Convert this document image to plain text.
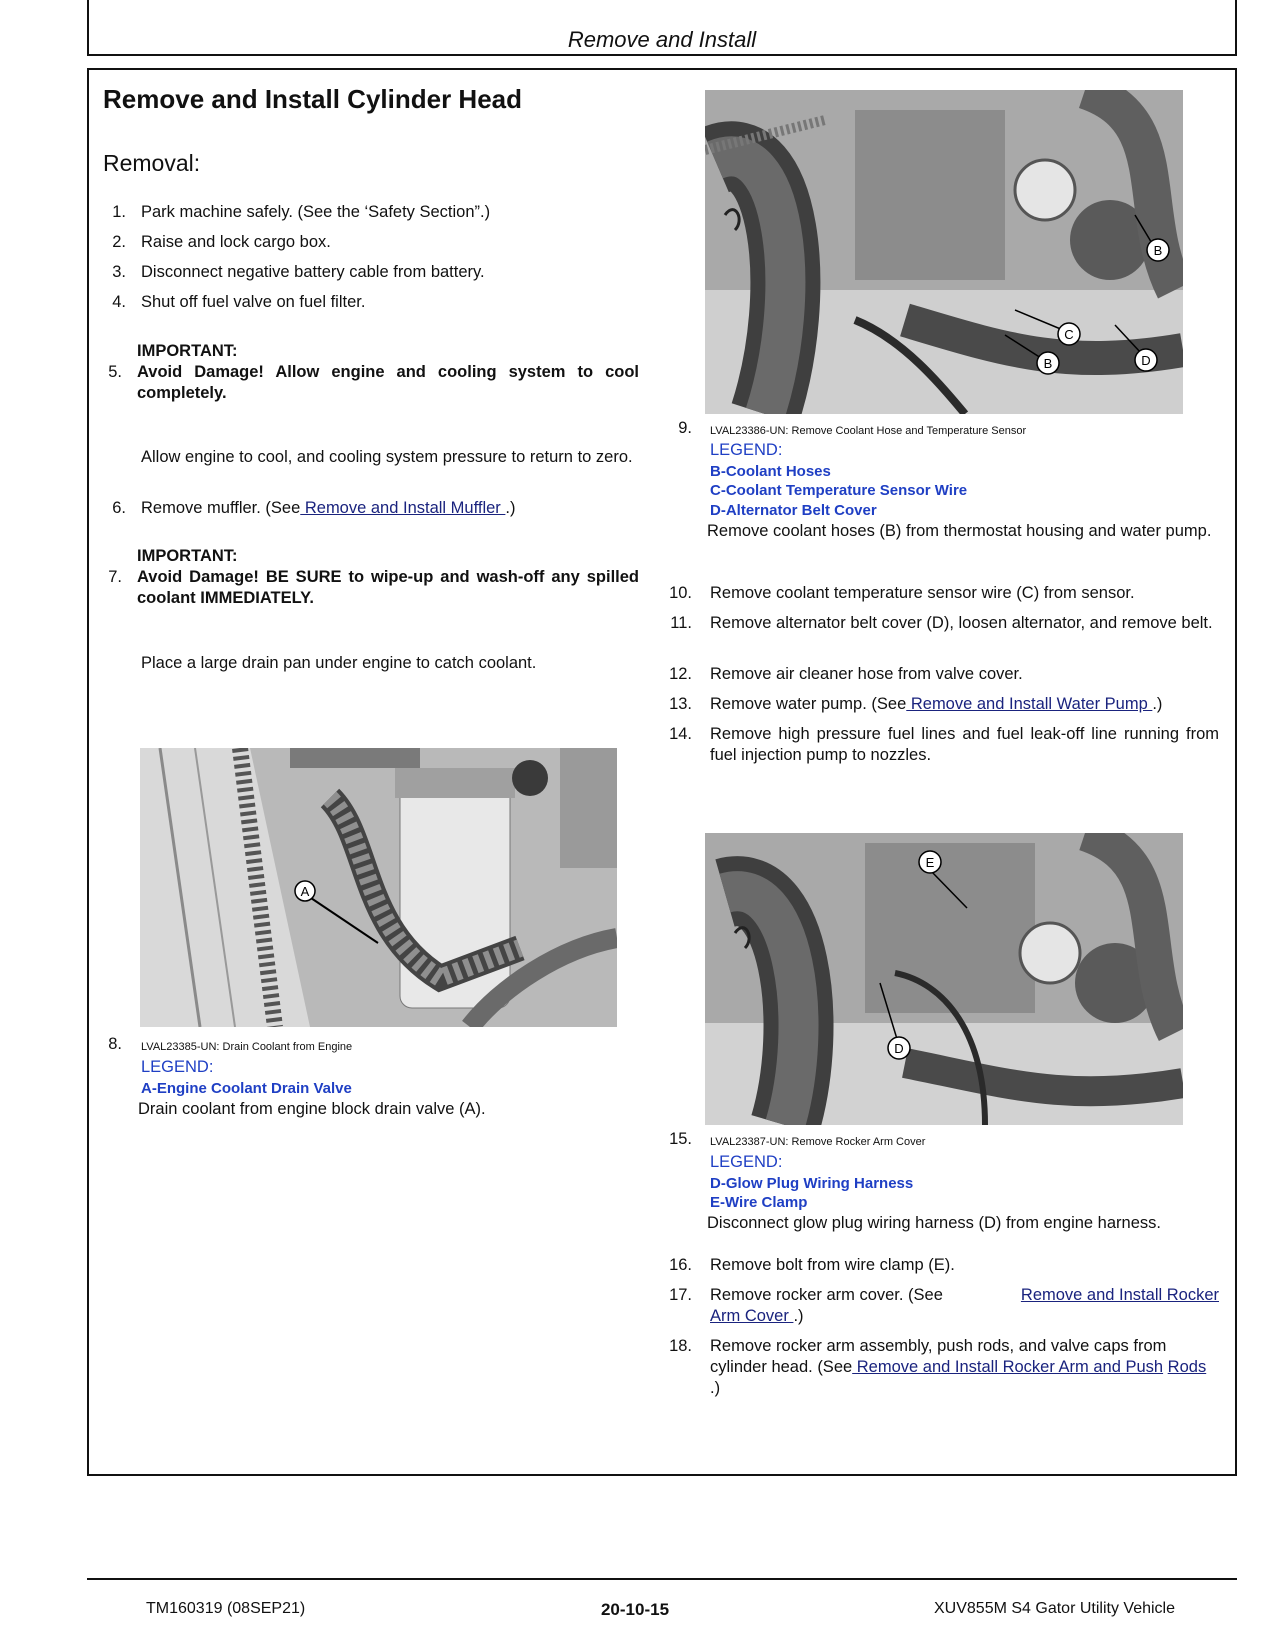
Remove and Install
Remove and Install Cylinder Head
Removal:
1. Park machine safely. (See the ‘Safety Section”.)
2. Raise and lock cargo box.
3. Disconnect negative battery cable from battery.
4. Shut off fuel valve on fuel filter.
IMPORTANT:
5. Avoid Damage! Allow engine and cooling system to cool completely.
Allow engine to cool, and cooling system pressure to return to zero.
6. Remove muffler. (See Remove and Install Muffler .)
IMPORTANT:
7. Avoid Damage! BE SURE to wipe-up and wash-off any spilled coolant IMMEDIATELY.
Place a large drain pan under engine to catch coolant.
A
8. LVAL23385-UN: Drain Coolant from Engine
LEGEND:
A-Engine Coolant Drain Valve
Drain coolant from engine block drain valve (A).
B
C
B	D
9. LVAL23386-UN: Remove Coolant Hose and Temperature Sensor
LEGEND:
B-Coolant Hoses
C-Coolant Temperature Sensor Wire
D-Alternator Belt Cover
Remove coolant hoses (B) from thermostat housing and water pump.
10. Remove coolant temperature sensor wire (C) from sensor.
11. Remove alternator belt cover (D), loosen alternator, and remove belt.
12. Remove air cleaner hose from valve cover.
13. Remove water pump. (See Remove and Install Water Pump .)
14. Remove high pressure fuel lines and fuel leak-off line running from fuel injection pump to nozzles.
E
D
15. LVAL23387-UN: Remove Rocker Arm Cover
LEGEND:
D-Glow Plug Wiring Harness
E-Wire Clamp
Disconnect glow plug wiring harness (D) from engine harness.
16. Remove bolt from wire clamp (E).
17. Remove rocker arm cover. (See	Remove and Install Rocker
Arm Cover .)
18. Remove rocker arm assembly, push rods, and valve caps from cylinder head. (See Remove and Install Rocker Arm and Push Rods .)
TM160319 (08SEP21)	20-10-15	XUV855M S4 Gator Utility Vehicle
